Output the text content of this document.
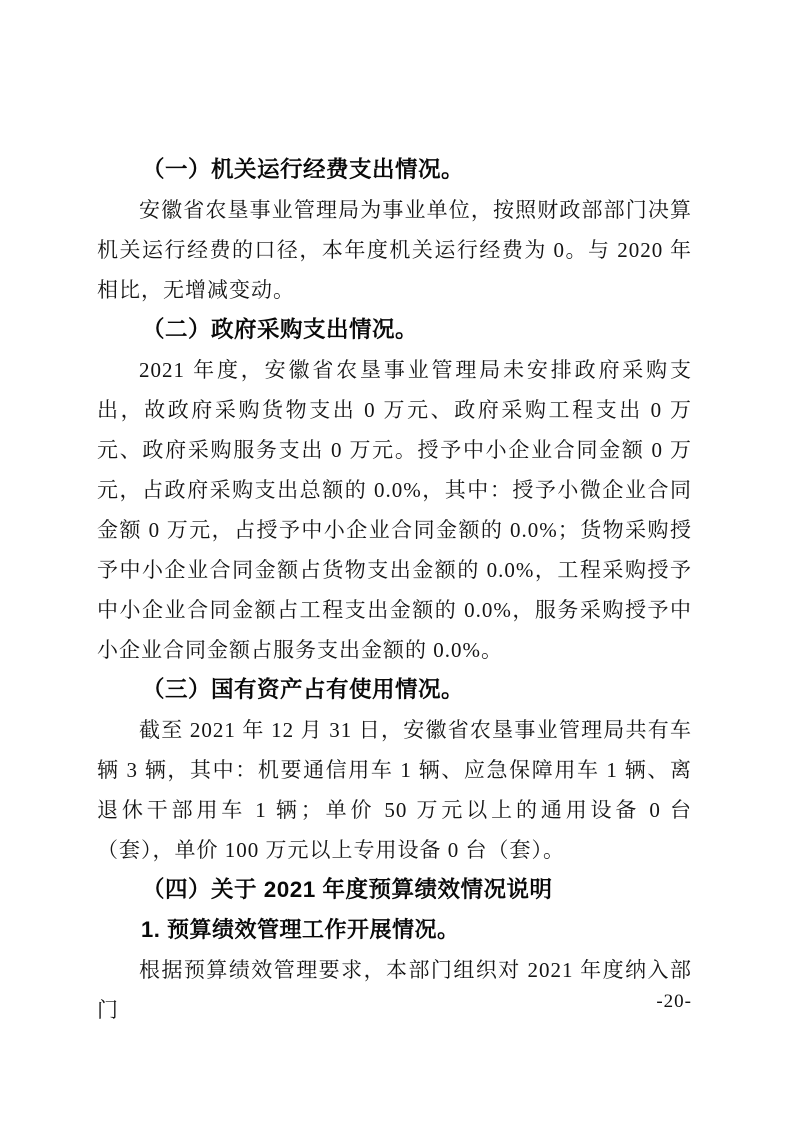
（一）机关运行经费支出情况。

安徽省农垦事业管理局为事业单位，按照财政部部门决算机关运行经费的口径，本年度机关运行经费为 0。与 2020 年相比，无增减变动。

（二）政府采购支出情况。

2021 年度，安徽省农垦事业管理局未安排政府采购支出，故政府采购货物支出 0 万元、政府采购工程支出 0 万元、政府采购服务支出 0 万元。授予中小企业合同金额 0 万元，占政府采购支出总额的 0.0%，其中：授予小微企业合同金额 0 万元，占授予中小企业合同金额的 0.0%；货物采购授予中小企业合同金额占货物支出金额的 0.0%，工程采购授予中小企业合同金额占工程支出金额的 0.0%，服务采购授予中小企业合同金额占服务支出金额的 0.0%。

（三）国有资产占有使用情况。

截至 2021 年 12 月 31 日，安徽省农垦事业管理局共有车辆 3 辆，其中：机要通信用车 1 辆、应急保障用车 1 辆、离退休干部用车 1 辆；单价 50 万元以上的通用设备 0 台（套），单价 100 万元以上专用设备 0 台（套）。

（四）关于 2021 年度预算绩效情况说明
1. 预算绩效管理工作开展情况。

根据预算绩效管理要求，本部门组织对 2021 年度纳入部门	-20-
